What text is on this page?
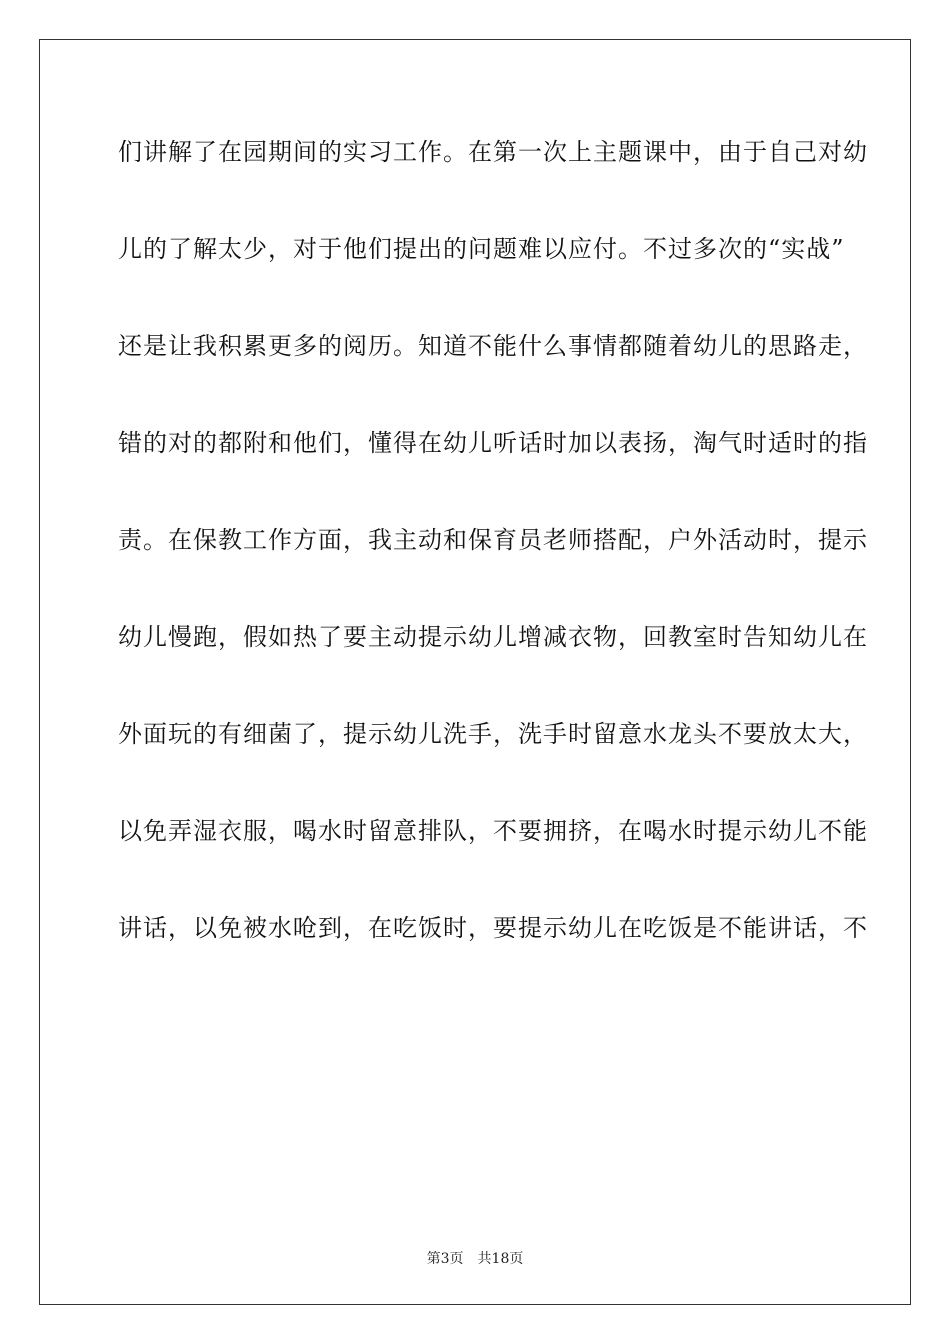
们讲解了在园期间的实习工作。在第一次上主题课中，由于自己对幼
儿的了解太少，对于他们提出的问题难以应付。不过多次的“实战”
还是让我积累更多的阅历。知道不能什么事情都随着幼儿的思路走，
错的对的都附和他们，懂得在幼儿听话时加以表扬，淘气时适时的指
责。在保教工作方面，我主动和保育员老师搭配，户外活动时，提示
幼儿慢跑，假如热了要主动提示幼儿增减衣物，回教室时告知幼儿在
外面玩的有细菌了，提示幼儿洗手，洗手时留意水龙头不要放太大，
以免弄湿衣服，喝水时留意排队，不要拥挤，在喝水时提示幼儿不能
讲话，以免被水呛到，在吃饭时，要提示幼儿在吃饭是不能讲话，不
第3页 共18页
